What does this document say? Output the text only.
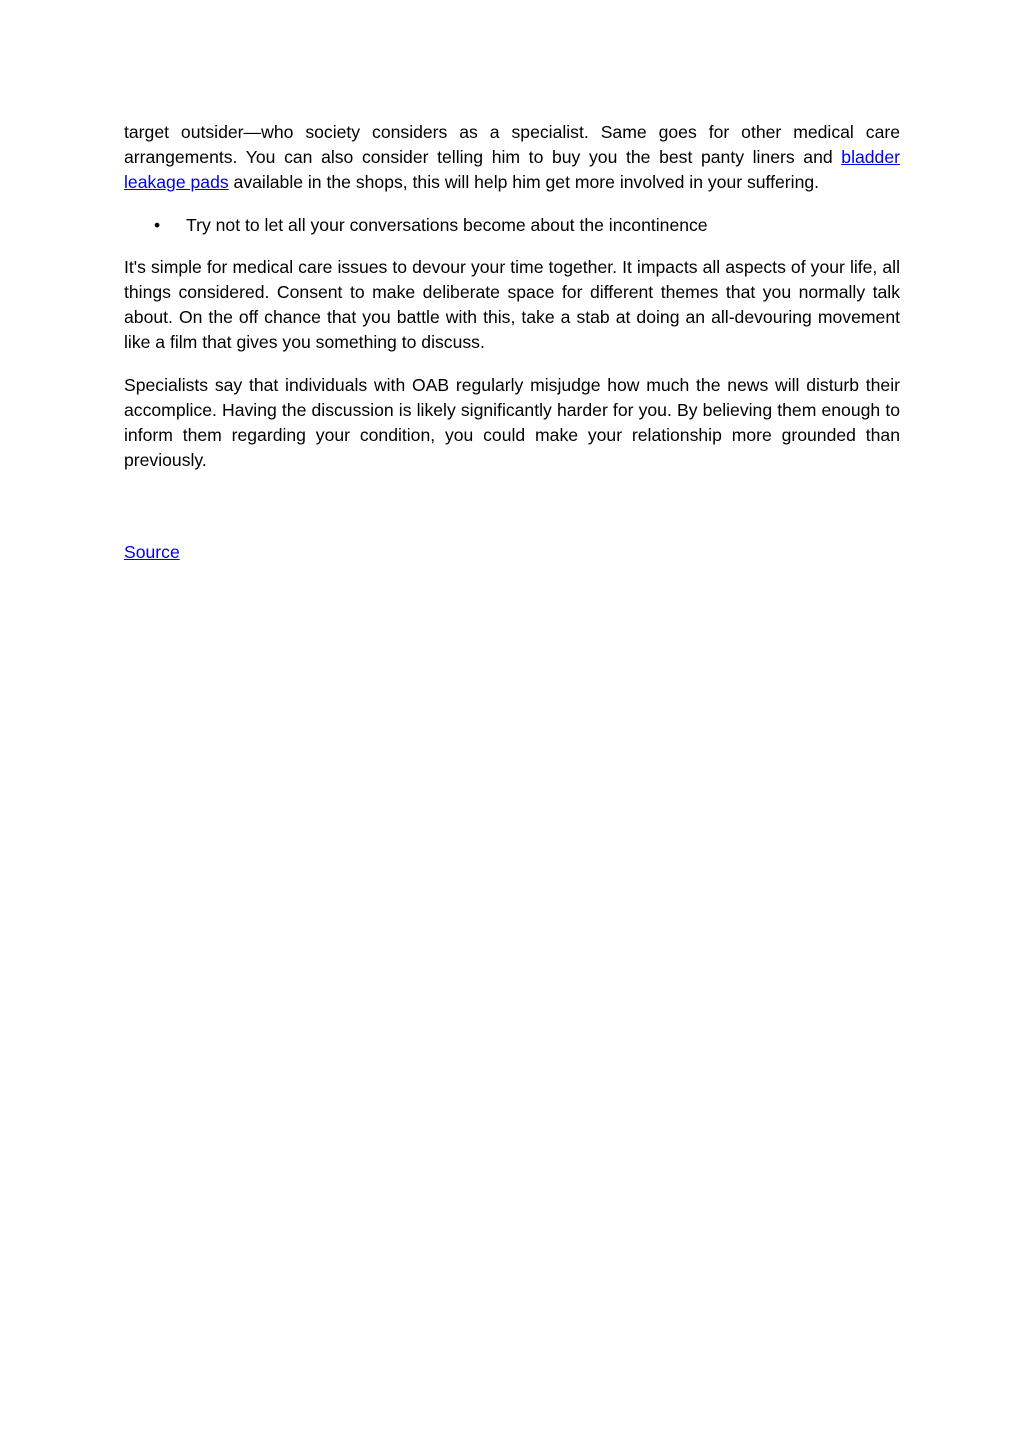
target outsider—who society considers as a specialist. Same goes for other medical care arrangements. You can also consider telling him to buy you the best panty liners and bladder leakage pads available in the shops, this will help him get more involved in your suffering.

• Try not to let all your conversations become about the incontinence

It's simple for medical care issues to devour your time together. It impacts all aspects of your life, all things considered. Consent to make deliberate space for different themes that you normally talk about. On the off chance that you battle with this, take a stab at doing an all-devouring movement like a film that gives you something to discuss.

Specialists say that individuals with OAB regularly misjudge how much the news will disturb their accomplice. Having the discussion is likely significantly harder for you. By believing them enough to inform them regarding your condition, you could make your relationship more grounded than previously.

Source
